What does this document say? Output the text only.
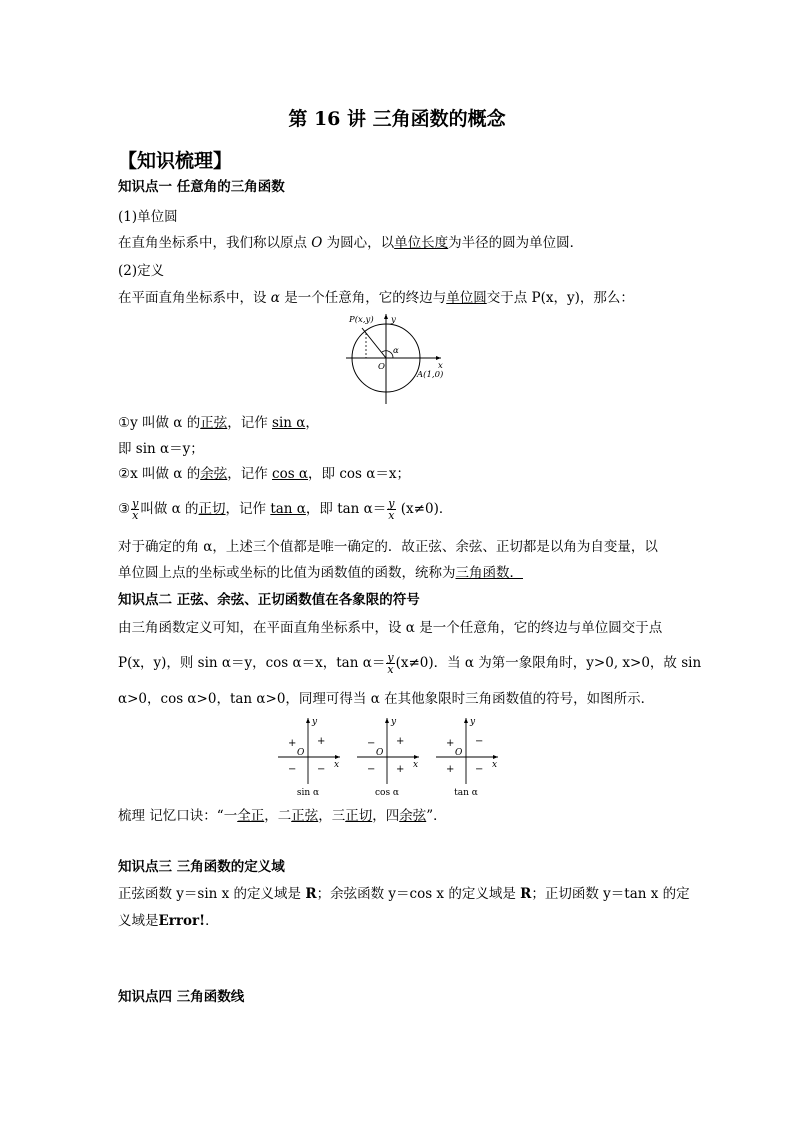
第 16 讲 三角函数的概念
【知识梳理】
知识点一 任意角的三角函数
(1)单位圆
在直角坐标系中，我们称以原点 O 为圆心，以单位长度为半径的圆为单位圆．
(2)定义
在平面直角坐标系中，设 α 是一个任意角，它的终边与单位圆交于点 P(x，y)，那么：
P(x,y) y
x
O
α
A(1,0)
①y 叫做 α 的正弦，记作 sin α，
即 sin α＝y；
②x 叫做 α 的余弦，记作 cos α，即 cos α＝x；
③ $\frac{y}{x}$ 叫做 α 的正切，记作 tan α，即 $\tan \alpha= \frac{y}{x} (x\ne 0)$．
对于确定的角 α，上述三个值都是唯一确定的．故正弦、余弦、正切都是以角为自变量，以
单位圆上点的坐标或坐标的比值为函数值的函数，统称为三角函数．
知识点二 正弦、余弦、正切函数值在各象限的符号
由三角函数定义可知，在平面直角坐标系中，设 α 是一个任意角，它的终边与单位圆交于点
P(x，y)，则 sin α＝y，cos α＝x，$\tan \alpha= \frac{y}{x} (x\ne 0)$．当 α 为第一象限角时，y>0, x>0，故 sin
α>0，cos α>0，tan α>0，同理可得当 α 在其他象限时三角函数值的符号，如图所示．
y
x
O
+
+
− −
sin α
y
x
O
+
−
− +
cos α
y
x
O
−
+
+ −
tan α
梳理 记忆口诀：“一全正，二正弦，三正切，四余弦”．
知识点三 三角函数的定义域
正弦函数 y＝sin x 的定义域是 R；余弦函数 y＝cos x 的定义域是 R；正切函数 y＝tan x 的定
义域是Error!．
知识点四 三角函数线
